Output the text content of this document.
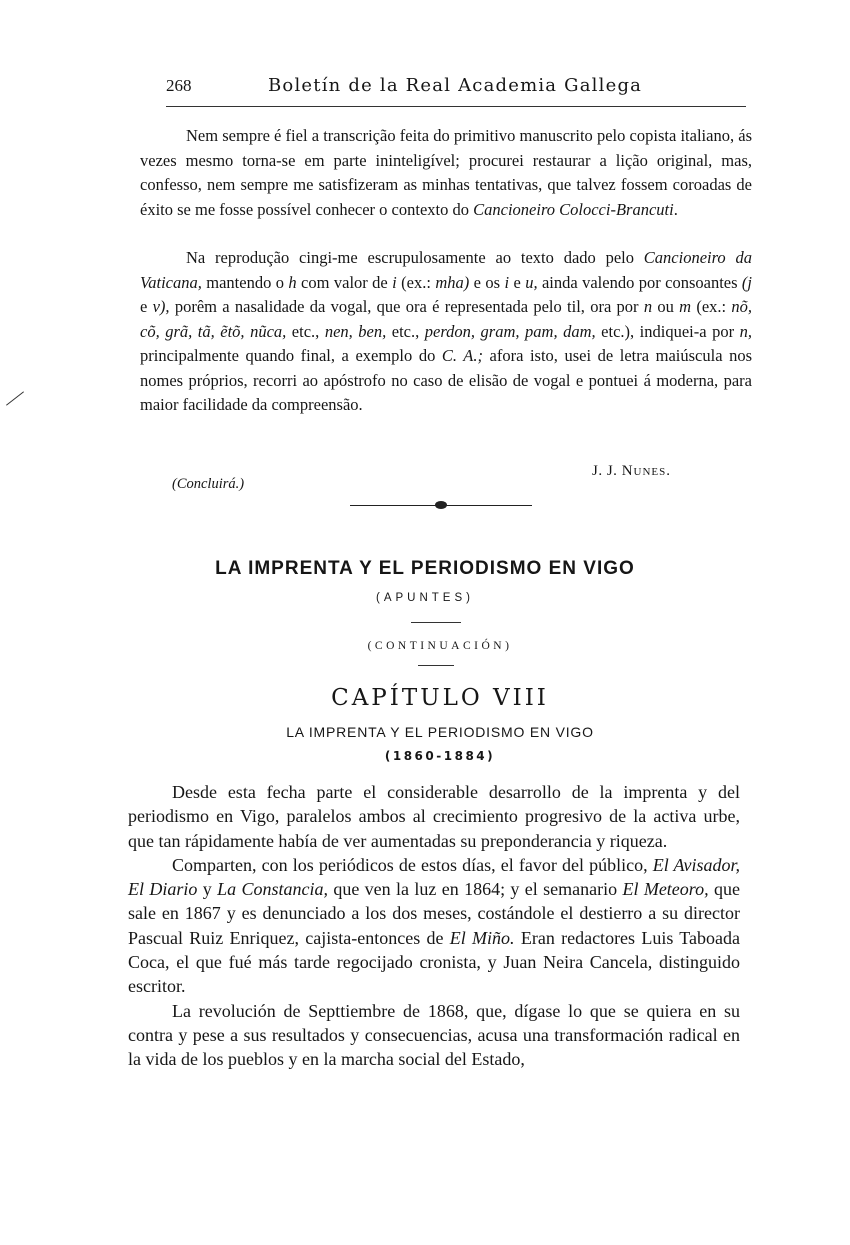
268	Boletín de la Real Academia Gallega

Nem sempre é fiel a transcrição feita do primitivo manuscrito pelo copista italiano, ás vezes mesmo torna-se em parte ininteligível; procurei restaurar a lição original, mas, confesso, nem sempre me satisfizeram as minhas tentativas, que talvez fossem coroadas de éxito se me fosse possível conhecer o contexto do Cancioneiro Colocci-Brancuti.

Na reprodução cingi-me escrupulosamente ao texto dado pelo Cancioneiro da Vaticana, mantendo o h com valor de i (ex.: mha) e os i e u, ainda valendo por consoantes (j e v), porêm a nasalidade da vogal, que ora é representada pelo til, ora por n ou m (ex.: nõ, cõ, grã, tã, ẽtõ, nũca, etc., nen, ben, etc., perdon, gram, pam, dam, etc.), indiquei-a por n, principalmente quando final, a exemplo do C. A.; afora isto, usei de letra maiúscula nos nomes próprios, recorri ao apóstrofo no caso de elisão de vogal e pontuei á moderna, para maior facilidade da compreensão.

J. J. Nunes.
(Concluirá.)
LA IMPRENTA Y EL PERIODISMO EN VIGO
(APUNTES)
(CONTINUACIÓN)
CAPÍTULO VIII
LA IMPRENTA Y EL PERIODISMO EN VIGO
(1860-1884)

Desde esta fecha parte el considerable desarrollo de la imprenta y del periodismo en Vigo, paralelos ambos al crecimiento progresivo de la activa urbe, que tan rápidamente había de ver aumentadas su preponderancia y riqueza.

Comparten, con los periódicos de estos días, el favor del público, El Avisador, El Diario y La Constancia, que ven la luz en 1864; y el semanario El Meteoro, que sale en 1867 y es denunciado a los dos meses, costándole el destierro a su director Pascual Ruiz Enriquez, cajista-entonces de El Miño. Eran redactores Luis Taboada Coca, el que fué más tarde regocijado cronista, y Juan Neira Cancela, distinguido escritor.

La revolución de Septtiembre de 1868, que, dígase lo que se quiera en su contra y pese a sus resultados y consecuencias, acusa una transformación radical en la vida de los pueblos y en la marcha social del Estado,
